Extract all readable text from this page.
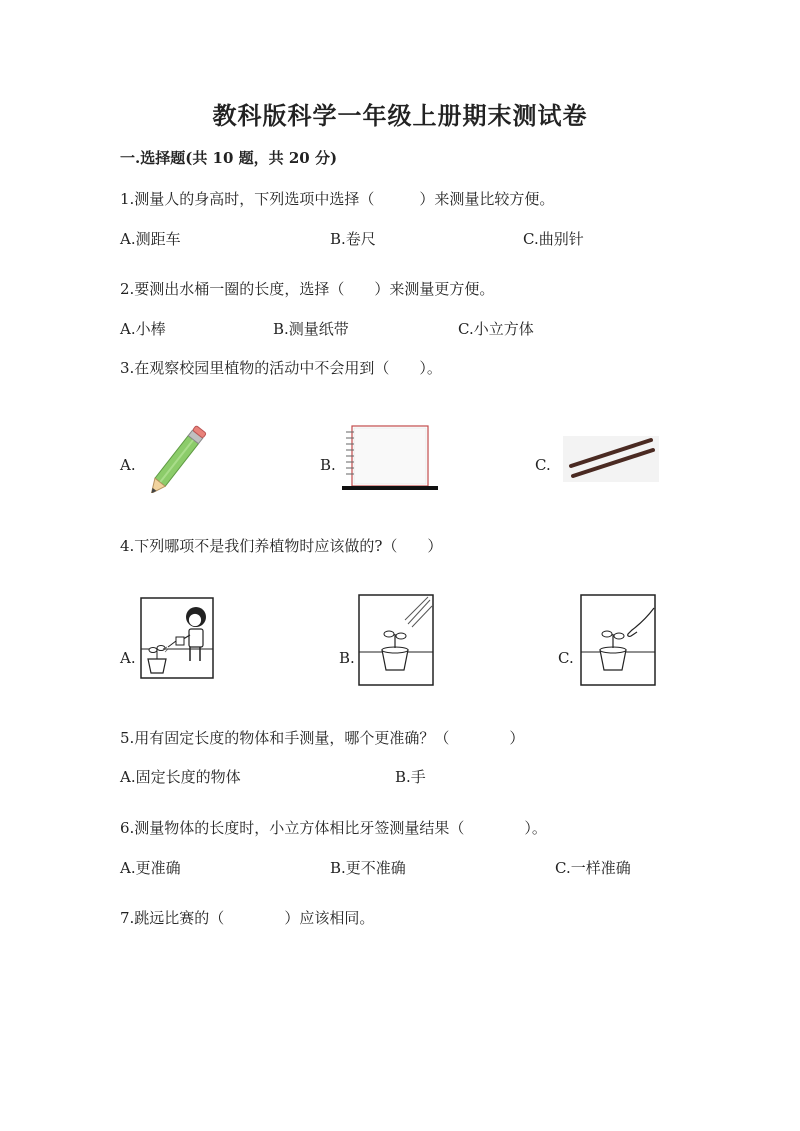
教科版科学一年级上册期末测试卷
一.选择题(共 10 题，共 20 分)
1.测量人的身高时，下列选项中选择（　　　）来测量比较方便。
A.测距车	B.卷尺	C.曲别针
2.要测出水桶一圈的长度，选择（　　）来测量更方便。
A.小棒	B.测量纸带	C.小立方体
3.在观察校园里植物的活动中不会用到（　　）。
A.	B.	C.
4.下列哪项不是我们养植物时应该做的?（　　）
A.	B.	C.
5.用有固定长度的物体和手测量，哪个更准确？（　　　　）
A.固定长度的物体	B.手
6.测量物体的长度时，小立方体相比牙签测量结果（　　　　）。
A.更准确	B.更不准确	C.一样准确
7.跳远比赛的（　　　　）应该相同。
